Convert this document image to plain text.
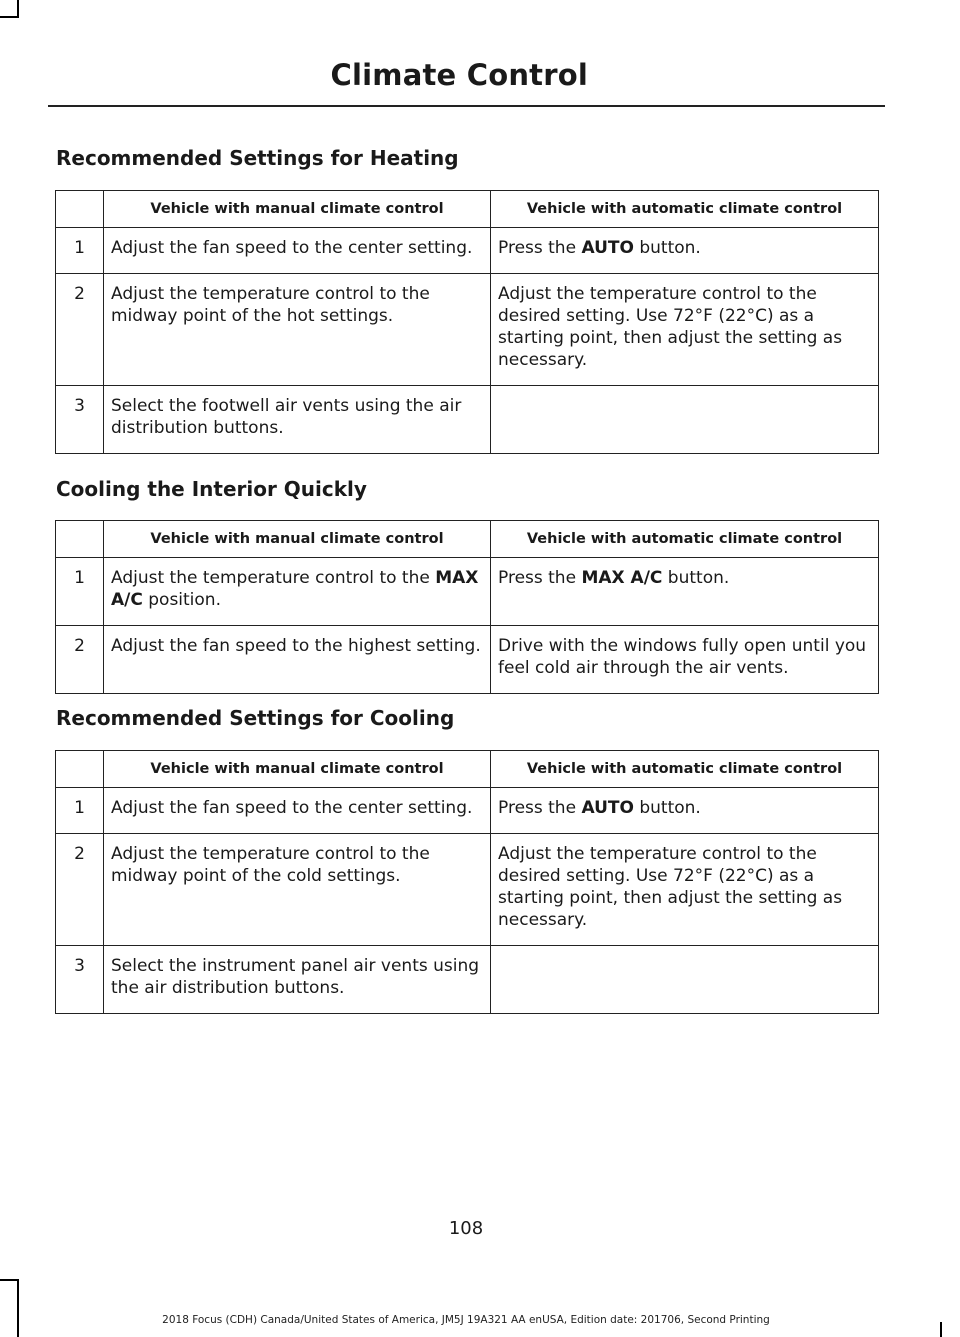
Climate Control
Recommended Settings for Heating
	Vehicle with manual climate control	Vehicle with automatic climate control
1	Adjust the fan speed to the center setting.	Press the AUTO button.
2	Adjust the temperature control to the midway point of the hot settings.	Adjust the temperature control to the desired setting. Use 72°F (22°C) as a starting point, then adjust the setting as necessary.
3	Select the footwell air vents using the air distribution buttons.	
Cooling the Interior Quickly
	Vehicle with manual climate control	Vehicle with automatic climate control
1	Adjust the temperature control to the MAX A/C position.	Press the MAX A/C button.
2	Adjust the fan speed to the highest setting.	Drive with the windows fully open until you feel cold air through the air vents.
Recommended Settings for Cooling
	Vehicle with manual climate control	Vehicle with automatic climate control
1	Adjust the fan speed to the center setting.	Press the AUTO button.
2	Adjust the temperature control to the midway point of the cold settings.	Adjust the temperature control to the desired setting. Use 72°F (22°C) as a starting point, then adjust the setting as necessary.
3	Select the instrument panel air vents using the air distribution buttons.	
108
2018 Focus (CDH) Canada/United States of America, JM5J 19A321 AA enUSA, Edition date: 201706, Second Printing
